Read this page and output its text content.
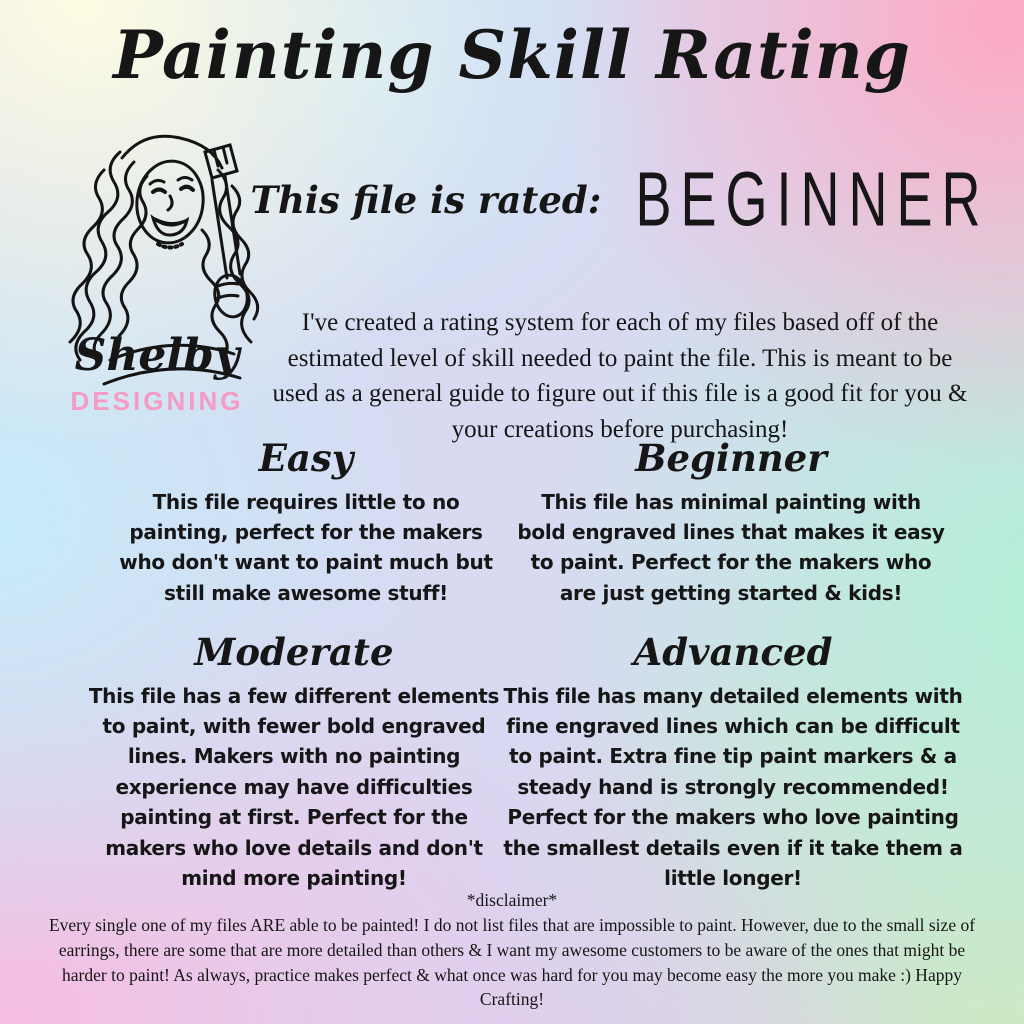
Painting Skill Rating
Shelby
DESIGNING
This file is rated: BEGINNER

I've created a rating system for each of my files based off of the estimated level of skill needed to paint the file. This is meant to be used as a general guide to figure out if this file is a good fit for you & your creations before purchasing!

Easy

This file requires little to no painting, perfect for the makers who don't want to paint much but still make awesome stuff!

Beginner

This file has minimal painting with bold engraved lines that makes it easy to paint. Perfect for the makers who are just getting started & kids!

Moderate

This file has a few different elements to paint, with fewer bold engraved lines. Makers with no painting experience may have difficulties painting at first. Perfect for the makers who love details and don't mind more painting!

Advanced

This file has many detailed elements with fine engraved lines which can be difficult to paint. Extra fine tip paint markers & a steady hand is strongly recommended! Perfect for the makers who love painting the smallest details even if it take them a little longer!

*disclaimer*

Every single one of my files ARE able to be painted! I do not list files that are impossible to paint. However, due to the small size of earrings, there are some that are more detailed than others & I want my awesome customers to be aware of the ones that might be harder to paint! As always, practice makes perfect & what once was hard for you may become easy the more you make :) Happy Crafting!
